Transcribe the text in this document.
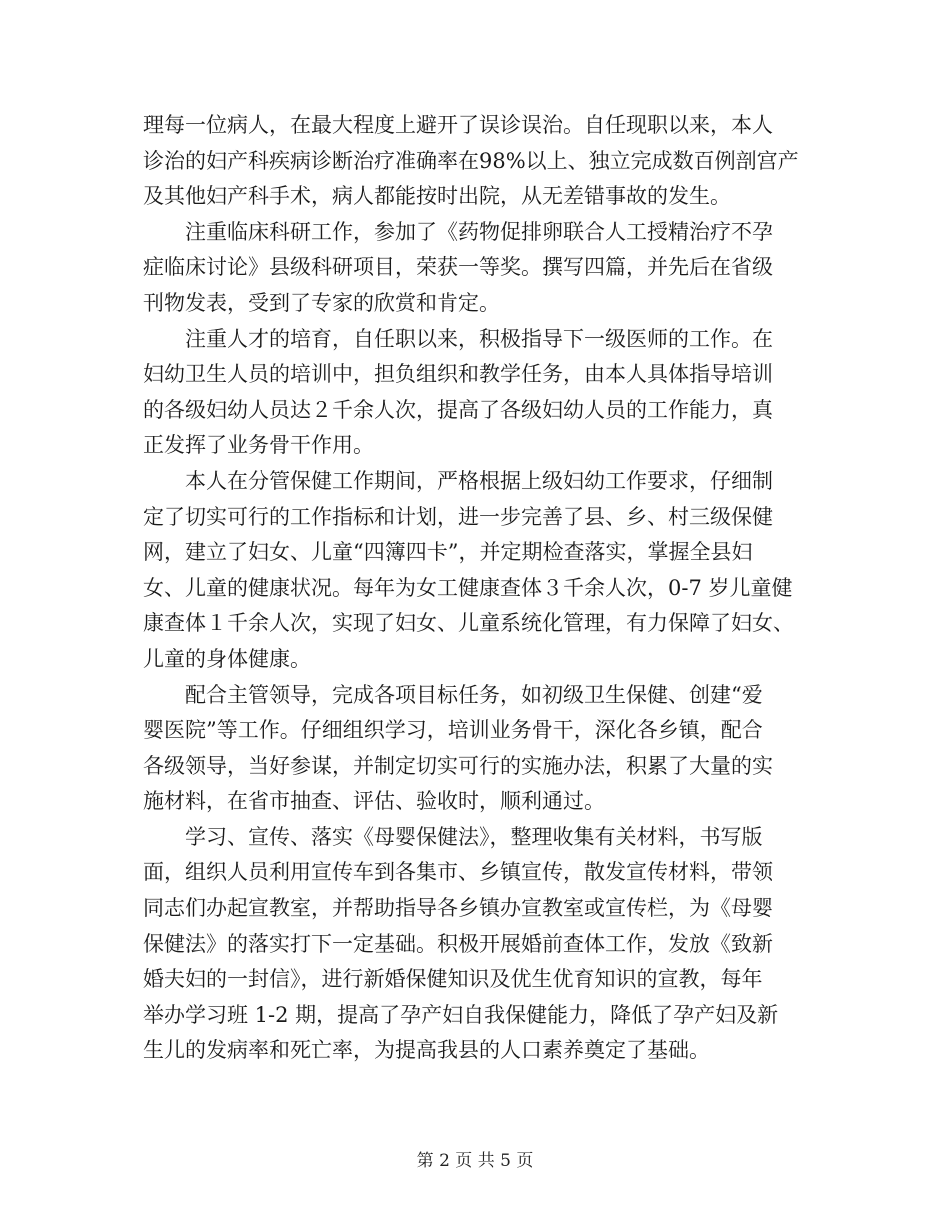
理每一位病人，在最大程度上避开了误诊误治。自任现职以来，本人
诊治的妇产科疾病诊断治疗准确率在98%以上、独立完成数百例剖宫产
及其他妇产科手术，病人都能按时出院，从无差错事故的发生。
注重临床科研工作，参加了《药物促排卵联合人工授精治疗不孕
症临床讨论》县级科研项目，荣获一等奖。撰写四篇，并先后在省级
刊物发表，受到了专家的欣赏和肯定。
注重人才的培育，自任职以来，积极指导下一级医师的工作。在
妇幼卫生人员的培训中，担负组织和教学任务，由本人具体指导培训
的各级妇幼人员达２千余人次，提高了各级妇幼人员的工作能力，真
正发挥了业务骨干作用。
本人在分管保健工作期间，严格根据上级妇幼工作要求，仔细制
定了切实可行的工作指标和计划，进一步完善了县、乡、村三级保健
网，建立了妇女、儿童“四簿四卡”，并定期检查落实，掌握全县妇
女、儿童的健康状况。每年为女工健康查体３千余人次，0-7 岁儿童健
康查体１千余人次，实现了妇女、儿童系统化管理，有力保障了妇女、
儿童的身体健康。
配合主管领导，完成各项目标任务，如初级卫生保健、创建“爱
婴医院”等工作。仔细组织学习，培训业务骨干，深化各乡镇，配合
各级领导，当好参谋，并制定切实可行的实施办法，积累了大量的实
施材料，在省市抽查、评估、验收时，顺利通过。
学习、宣传、落实《母婴保健法》，整理收集有关材料，书写版
面，组织人员利用宣传车到各集市、乡镇宣传，散发宣传材料，带领
同志们办起宣教室，并帮助指导各乡镇办宣教室或宣传栏，为《母婴
保健法》的落实打下一定基础。积极开展婚前查体工作，发放《致新
婚夫妇的一封信》，进行新婚保健知识及优生优育知识的宣教，每年
举办学习班 1-2 期，提高了孕产妇自我保健能力，降低了孕产妇及新
生儿的发病率和死亡率，为提高我县的人口素养奠定了基础。
第 2 页 共 5 页
